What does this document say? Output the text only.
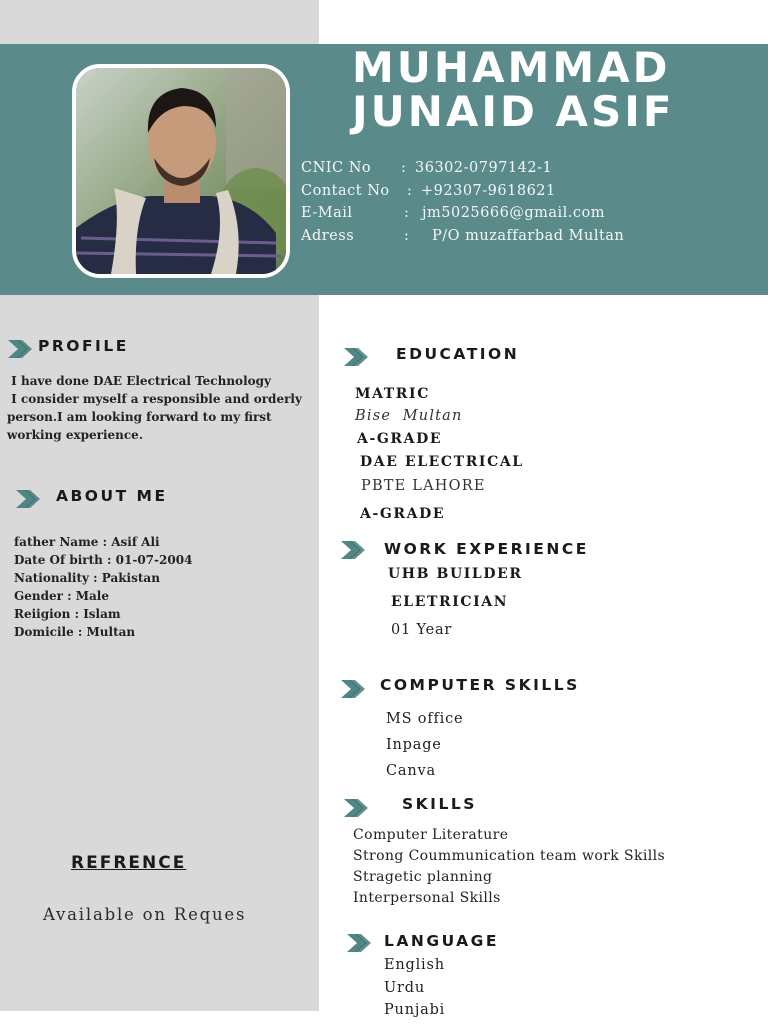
MUHAMMAD
JUNAID ASIF
CNIC No : 36302-0797142-1
Contact No : +92307-9618621
E-Mail	: jm5025666@gmail.com
Adress	: P/O muzaffarbad Multan
PROFILE
I have done DAE Electrical Technology
I consider myself a responsible and orderly
person.I am looking forward to my first
working experience.
ABOUT ME
father Name : Asif Ali
Date Of birth : 01-07-2004
Nationality : Pakistan
Gender : Male
Reiigion : Islam
Domicile : Multan
REFRENCE
Available on Reques
EDUCATION
MATRIC
Bise  Multan
A-GRADE
DAE ELECTRICAL
PBTE LAHORE
A-GRADE
WORK EXPERIENCE
UHB BUILDER
ELETRICIAN
01 Year
COMPUTER SKILLS
MS office
Inpage
Canva
SKILLS
Computer Literature
Strong Coummunication team work Skills
Stragetic planning
Interpersonal Skills
LANGUAGE
English
Urdu
Punjabi
